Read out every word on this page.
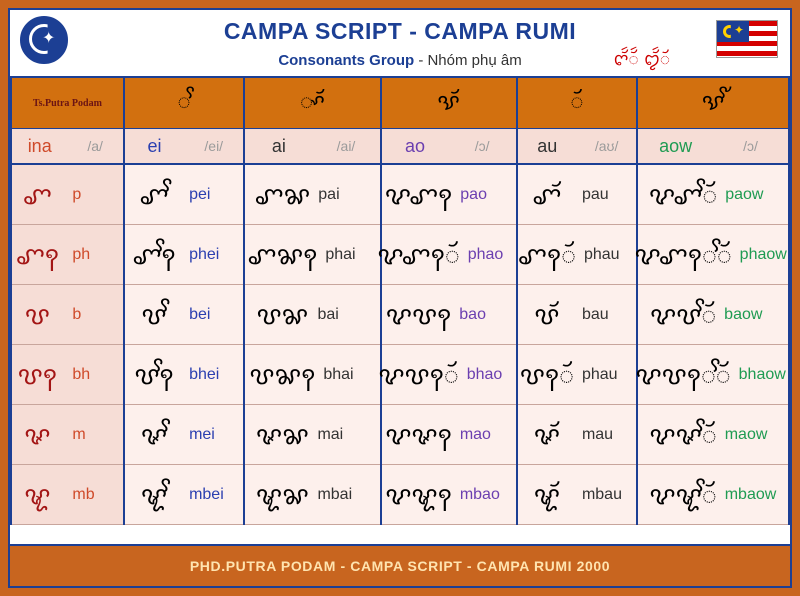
✦	CAMPA SCRIPT - CAMPA RUMI
Consonants Group - Nhóm phụ âm	ꨈꨮꩃꨮꩃ ꨄꨮꩃꨮ
✦
Ts.Putra Podam	ꨩ	ꨳꨮ	ꨕꨮ	ꨮ	ꨕꨮꨩ

ina	/a/	ei	/ei/	ai	/ai/	ao	/ɔ/	au	/aʊ/	aow	/ɔ/

ꨚ	p	ꨚꨩ	pei	ꨚꨗ pai	ꨖꨚꩍ pao	ꨚꨮ	pau	ꨖꨚꨩꨮ paow

ꨚꩍ ph	ꨚꨩꩍ phei	ꨚꨗꩍ phai	ꨖꨚꩍꨮ phao	ꨚꩍꨮ phau	ꨖꨚꩍꨩꨮ phaow

ꨝ	b	ꨝꨩ	bei	ꨝꨗ bai	ꨖꨝꩍ bao	ꨝꨮ	bau	ꨖꨝꨩꨮ baow

ꨝꩍ bh	ꨝꨩꩍ bhei	ꨝꨗꩍ bhai	ꨖꨝꩍꨮ bhao	ꨝꩍꨮ phau	ꨖꨝꩍꨩꨮ bhaow

ꨟ	m	ꨟꨩ	mei	ꨟꨗ mai	ꨖꨟꩍ mao	ꨟꨮ	mau	ꨖꨟꨩꨮ maow

ꨠ	mb	ꨠꨩ	mbei	ꨠꨗ mbai	ꨖꨠꩍ mbao	ꨠꨮ	mbau	ꨖꨠꨩꨮ mbaow
PHD.PUTRA PODAM - CAMPA SCRIPT - CAMPA RUMI 2000
